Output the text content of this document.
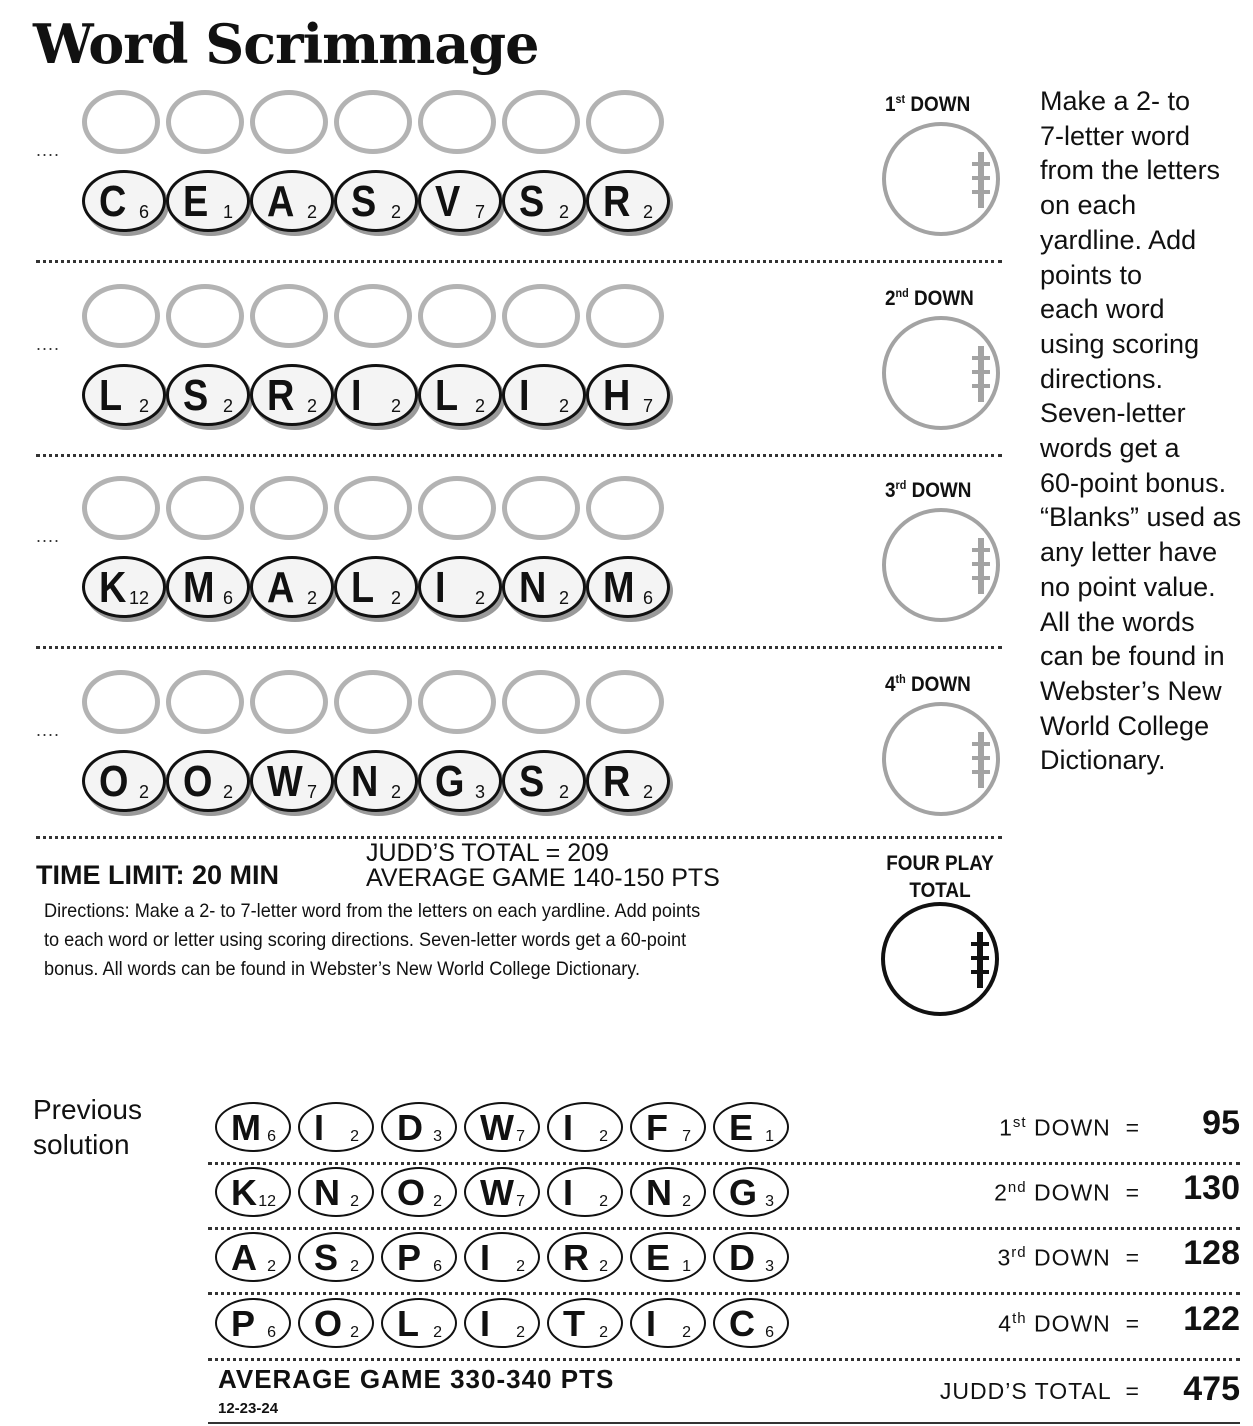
Word Scrimmage
....
C 6 E 1 A 2 S 2 V 7 S 2 R 2
1st DOWN
....
L 2 S 2 R 2 I 2 L 2 I 2 H 7
2nd DOWN
....
K 12 M 6 A 2 L 2 I 2 N 2 M 6
3rd DOWN
....
O 2 O 2 W 7 N 2 G 3 S 2 R 2
4th DOWN
Make a 2- to
7-letter word
from the letters
on each
yardline. Add
points to
each word
using scoring
directions.
Seven-letter
words get a
60-point bonus.
“Blanks” used as
any letter have
no point value.
All the words
can be found in
Webster’s New
World College
Dictionary.
TIME LIMIT: 20 MIN
JUDD’S TOTAL = 209
AVERAGE GAME 140-150 PTS
Directions: Make a 2- to 7-letter word from the letters on each yardline. Add points
to each word or letter using scoring directions. Seven-letter words get a 60-point
bonus. All words can be found in Webster’s New World College Dictionary.
FOUR PLAY
TOTAL
Previous
solution	M 6 I 2 D 3 W 7 I 2 F 7 E 1	1st DOWN  =	95
K 12 N 2 O 2 W 7 I 2 N 2 G 3	2nd DOWN  =	130
A 2 S 2 P 6 I 2 R 2 E 1 D 3	3rd DOWN  =	128
P 6 O 2 L 2 I 2 T 2 I 2 C 6	4th DOWN  =	122
AVERAGE GAME 330-340 PTS
12-23-24
JUDD’S TOTAL  =	475
